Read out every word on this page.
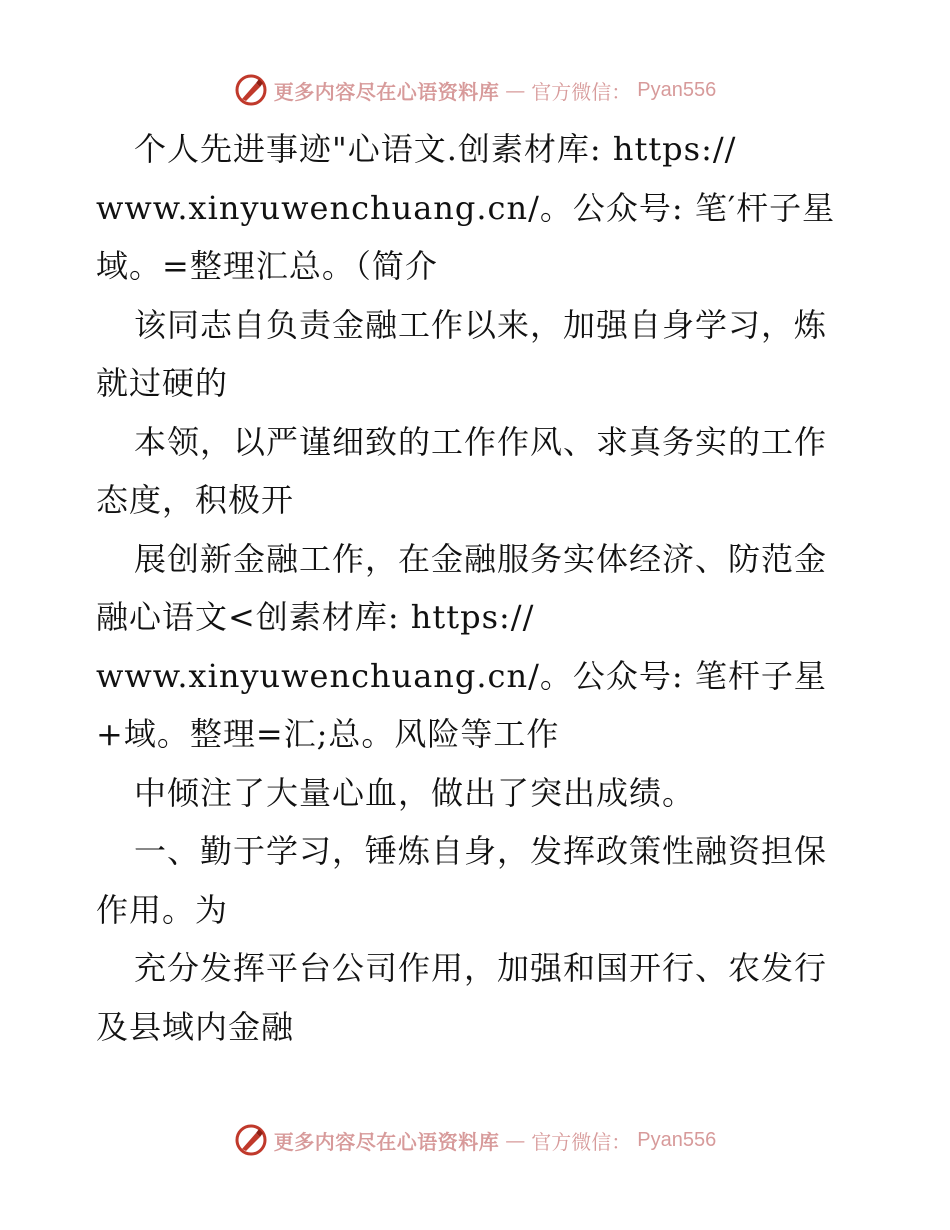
更多内容尽在心语资料库 — 官方微信： Pyan556
个人先进事迹"心语文.创素材库: https://
www.xinyuwenchuang.cn/。公众号: 笔′杆子星
域。=整理汇总。（简介
该同志自负责金融工作以来，加强自身学习，炼
就过硬的
本领，以严谨细致的工作作风、求真务实的工作
态度，积极开
展创新金融工作，在金融服务实体经济、防范金
融心语文<创素材库: https://
www.xinyuwenchuang.cn/。公众号: 笔杆子星
+域。整理=汇;总。风险等工作
中倾注了大量心血，做出了突出成绩。
一、勤于学习，锤炼自身，发挥政策性融资担保
作用。为
充分发挥平台公司作用，加强和国开行、农发行
及县域内金融
更多内容尽在心语资料库 — 官方微信： Pyan556
